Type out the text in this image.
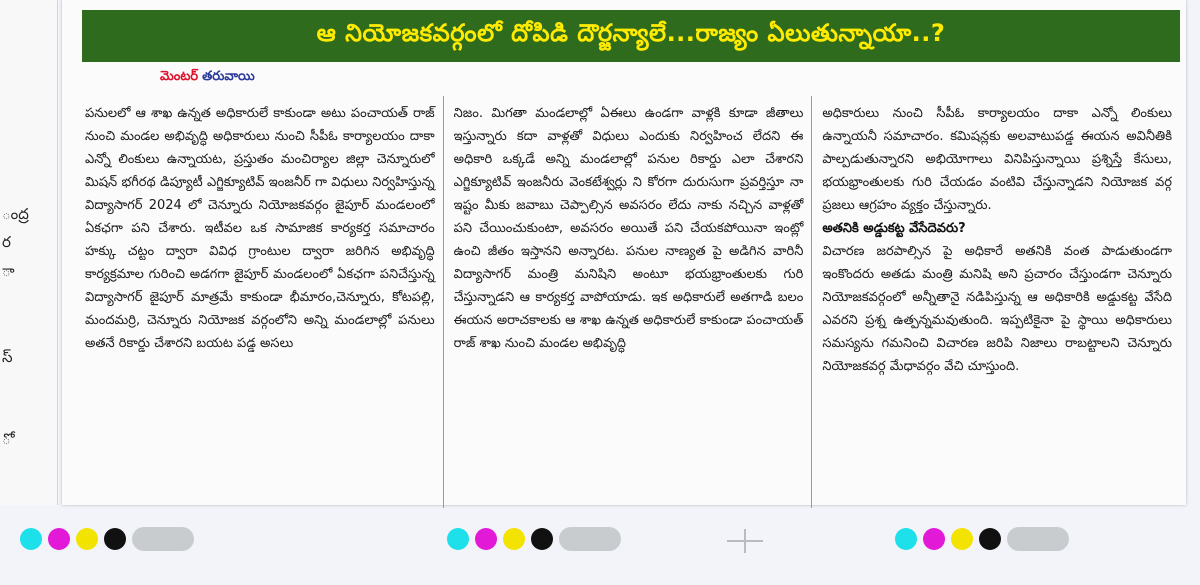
ంద్ర
ర
ా
స్
ో
ఆ నియోజకవర్గంలో దోపిడి దౌర్జన్యాలే...రాజ్యం ఏలుతున్నాయా..?
మెంటర్ తరువాయి

పనులలో ఆ శాఖ ఉన్నత అధికారులే కాకుండా అటు పంచాయత్ రాజ్ నుంచి మండల అభివృద్ధి అధికారులు నుంచి సీపీఓ కార్యాలయం దాకా ఎన్నో లింకులు ఉన్నాయట, ప్రస్తుతం మంచిర్యాల జిల్లా చెన్నూరులో మిషన్ భగీరథ డిప్యూటీ ఎగ్జిక్యూటివ్ ఇంజనీర్ గా విధులు నిర్వహిస్తున్న విద్యాసాగర్ 2024 లో చెన్నూరు నియోజకవర్గం జైపూర్ మండలంలో ఏకఛగా పని చేశారు. ఇటీవల ఒక సామాజిక కార్యకర్త సమాచారం హక్కు చట్టం ద్వారా వివిధ గ్రాంటుల ద్వారా జరిగిన అభివృద్ధి కార్యక్రమాల గురించి అడగగా జైపూర్ మండలంలో ఏకఛగా పనిచేస్తున్న విద్యాసాగర్ జైపూర్ మాత్రమే కాకుండా భీమారం,చెన్నూరు, కోటపల్లి, మందమర్రి, చెన్నూరు నియోజక వర్గంలోని అన్ని మండలాల్లో పనులు అతనే రికార్డు చేశారని బయట పడ్డ అసలు

నిజం. మిగతా మండలాల్లో ఏఈలు ఉండగా వాళ్లకి కూడా జీతాలు ఇస్తున్నారు కదా వాళ్లతో విధులు ఎందుకు నిర్వహించ లేదని ఈ అధికారి ఒక్కడే అన్ని మండలాల్లో పనుల రికార్డు ఎలా చేశారని ఎగ్జిక్యూటివ్ ఇంజనీరు వెంకటేశ్వర్లు ని కోరగా దురుసుగా ప్రవర్తిస్తూ నా ఇష్టం మీకు జవాబు చెప్పాల్సిన అవసరం లేదు నాకు నచ్చిన వాళ్లతో పని చేయించుకుంటా, అవసరం అయితే పని చేయకపోయినా ఇంట్లో ఉంచి జీతం ఇస్తానని అన్నారట. పనుల నాణ్యత పై అడిగిన వారినీ విద్యాసాగర్ మంత్రి మనిషిని అంటూ భయభ్రాంతులకు గురి చేస్తున్నాడని ఆ కార్యకర్త వాపోయాడు. ఇక అధికారులే అతగాడి బలం ఈయన అరాచకాలకు ఆ శాఖ ఉన్నత అధికారులే కాకుండా పంచాయత్ రాజ్ శాఖ నుంచి మండల అభివృద్ధి

అధికారులు నుంచి సీపీఓ కార్యాలయం దాకా ఎన్నో లింకులు ఉన్నాయనీ సమాచారం. కమిషన్లకు అలవాటుపడ్డ ఈయన అవినీతికి పాల్పడుతున్నారని అభియోగాలు వినిపిస్తున్నాయి ప్రశ్నిస్తే కేసులు, భయభ్రాంతులకు గురి చేయడం వంటివి చేస్తున్నాడని నియోజక వర్గ ప్రజలు ఆగ్రహం వ్యక్తం చేస్తున్నారు.

అతనికి అడ్డుకట్ట వేసేదెవరు?

విచారణ జరపాల్సిన పై అధికారే అతనికి వంత పాడుతుండగా ఇంకొందరు అతడు మంత్రి మనిషి అని ప్రచారం చేస్తుండగా చెన్నూరు నియోజకవర్గంలో అన్నీతానై నడిపిస్తున్న ఆ అధికారికి అడ్డుకట్ట వేసేది ఎవరని ప్రశ్న ఉత్పన్నమవుతుంది. ఇప్పటికైనా పై స్థాయి అధికారులు సమస్యను గమనించి విచారణ జరిపి నిజాలు రాబట్టాలని చెన్నూరు నియోజకవర్గ మేధావర్గం వేచి చూస్తుంది.
